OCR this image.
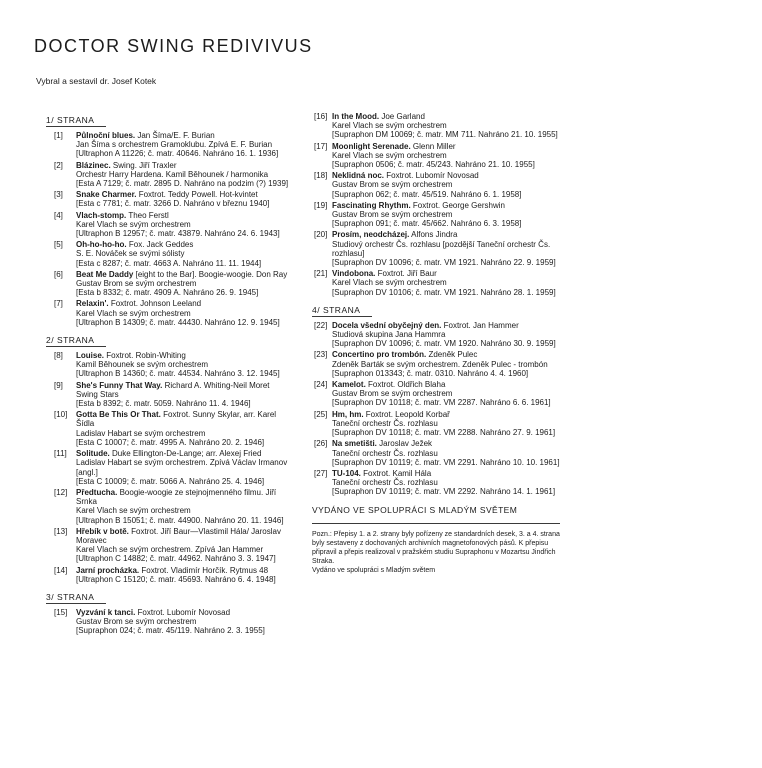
DOCTOR SWING REDIVIVUS
Vybral a sestavil dr. Josef Kotek
1/ STRANA
[1] Půlnoční blues. Jan Šíma/E. F. Burian
Jan Šíma s orchestrem Gramoklubu. Zpívá E. F. Burian
[Ultraphon A 11226; č. matr. 40646. Nahráno 16. 1. 1936]
[2] Blázinec. Swing. Jiří Traxler
Orchestr Harry Hardena. Kamil Běhounek / harmonika
[Esta A 7129; č. matr. 2895 D. Nahráno na podzim (?) 1939]
[3] Snake Charmer. Foxtrot. Teddy Powell. Hot-kvintet
[Esta c 7781; č. matr. 3266 D. Nahráno v březnu 1940]
[4] Vlach-stomp. Theo Ferstl
Karel Vlach se svým orchestrem
[Ultraphon B 12957; č. matr. 43879. Nahráno 24. 6. 1943]
[5] Oh-ho-ho-ho. Fox. Jack Geddes
S. E. Nováček se svými sólisty
[Esta c 8287; č. matr. 4663 A. Nahráno 11. 11. 1944]
[6] Beat Me Daddy [eight to the Bar]. Boogie-woogie. Don Ray
Gustav Brom se svým orchestrem
[Esta b 8332; č. matr. 4909 A. Nahráno 26. 9. 1945]
[7] Relaxin'. Foxtrot. Johnson Leeland
Karel Vlach se svým orchestrem
[Ultraphon B 14309; č. matr. 44430. Nahráno 12. 9. 1945]
2/ STRANA
[8] Louise. Foxtrot. Robin-Whiting
Kamil Běhounek se svým orchestrem
[Ultraphon B 14360; č. matr. 44534. Nahráno 3. 12. 1945]
[9] She's Funny That Way. Richard A. Whiting-Neil Moret
Swing Stars
[Esta b 8392; č. matr. 5059. Nahráno 11. 4. 1946]
[10] Gotta Be This Or That. Foxtrot. Sunny Skylar, arr. Karel Šídla
Ladislav Habart se svým orchestrem
[Esta C 10007; č. matr. 4995 A. Nahráno 20. 2. 1946]
[11] Solitude. Duke Ellington-De-Lange; arr. Alexej Fried
Ladislav Habart se svým orchestrem. Zpívá Václav Irmanov [angl.]
[Esta C 10009; č. matr. 5066 A. Nahráno 25. 4. 1946]
[12] Předtucha. Boogie-woogie ze stejnojmenného filmu. Jiří Srnka
Karel Vlach se svým orchestrem
[Ultraphon B 15051; č. matr. 44900. Nahráno 20. 11. 1946]
[13] Hřebík v botě. Foxtrot. Jiří Baur—Vlastimil Hála/ Jaroslav Moravec
Karel Vlach se svým orchestrem. Zpívá Jan Hammer
[Ultraphon C 14882; č. matr. 44962. Nahráno 3. 3. 1947]
[14] Jarní procházka. Foxtrot. Vladimír Horčík. Rytmus 48
[Ultraphon C 15120; č. matr. 45693. Nahráno 6. 4. 1948]
3/ STRANA
[15] Vyzvání k tanci. Foxtrot. Lubomír Novosad
Gustav Brom se svým orchestrem
[Supraphon 024; č. matr. 45/119. Nahráno 2. 3. 1955]
[16] In the Mood. Joe Garland
Karel Vlach se svým orchestrem
[Supraphon DM 10069; č. matr. MM 711. Nahráno 21. 10. 1955]
[17] Moonlight Serenade. Glenn Miller
Karel Vlach se svým orchestrem
[Supraphon 0506; č. matr. 45/243. Nahráno 21. 10. 1955]
[18] Neklidná noc. Foxtrot. Lubomír Novosad
Gustav Brom se svým orchestrem
[Supraphon 062; č. matr. 45/519. Nahráno 6. 1. 1958]
[19] Fascinating Rhythm. Foxtrot. George Gershwin
Gustav Brom se svým orchestrem
[Supraphon 091; č. matr. 45/662. Nahráno 6. 3. 1958]
[20] Prosím, neodcházej. Alfons Jindra
Studiový orchestr Čs. rozhlasu [pozdější Taneční orchestr Čs. rozhlasu]
[Supraphon DV 10096; č. matr. VM 1921. Nahráno 22. 9. 1959]
[21] Vindobona. Foxtrot. Jiří Baur
Karel Vlach se svým orchestrem
[Supraphon DV 10106; č. matr. VM 1921. Nahráno 28. 1. 1959]
4/ STRANA
[22] Docela všední obyčejný den. Foxtrot. Jan Hammer
Studiová skupina Jana Hammra
[Supraphon DV 10096; č. matr. VM 1920. Nahráno 30. 9. 1959]
[23] Concertino pro trombón. Zdeněk Pulec
Zdeněk Barták se svým orchestrem. Zdeněk Pulec - trombón
[Supraphon 013343; č. matr. 0310. Nahráno 4. 4. 1960]
[24] Kamelot. Foxtrot. Oldřich Blaha
Gustav Brom se svým orchestrem
[Supraphon DV 10118; č. matr. VM 2287. Nahráno 6. 6. 1961]
[25] Hm, hm. Foxtrot. Leopold Korbař
Taneční orchestr Čs. rozhlasu
[Supraphon DV 10118; č. matr. VM 2288. Nahráno 27. 9. 1961]
[26] Na smetišti. Jaroslav Ježek
Taneční orchestr Čs. rozhlasu
[Supraphon DV 10119; č. matr. VM 2291. Nahráno 10. 10. 1961]
[27] TU-104. Foxtrot. Kamil Hála
Taneční orchestr Čs. rozhlasu
[Supraphon DV 10119; č. matr. VM 2292. Nahráno 14. 1. 1961]
VYDÁNO VE SPOLUPRÁCI S MLADÝM SVĚTEM
Pozn.: Přepisy 1. a 2. strany byly pořízeny ze standardních desek, 3. a 4. strana byly sestaveny z dochovaných archivních magnetofonových pásů. K přepisu připravil a přepis realizoval v pražském studiu Supraphonu v Mozartsu Jindřich Straka.
Vydáno ve spolupráci s Mladým světem
